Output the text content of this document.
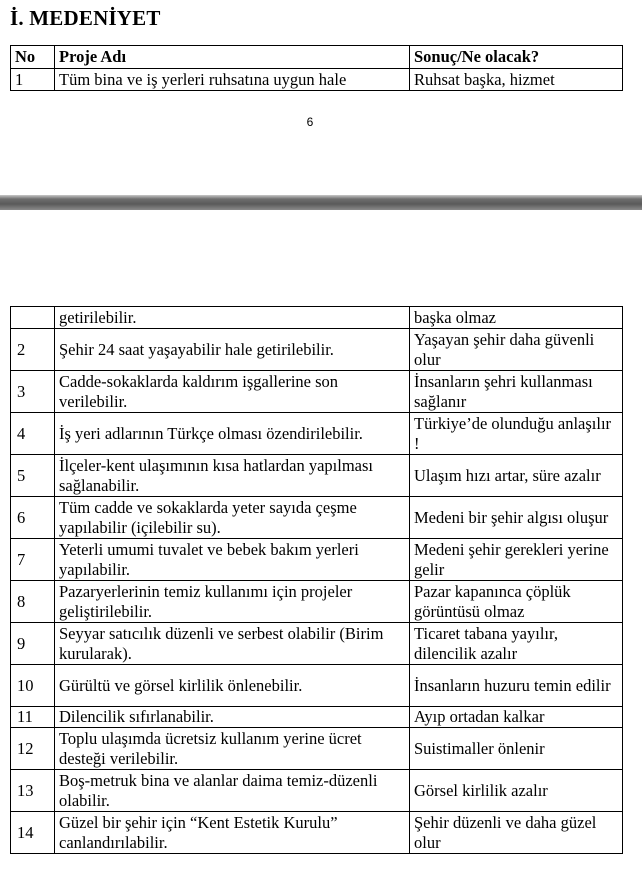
İ. MEDENİYET
No	Proje Adı	Sonuç/Ne olacak?
1	Tüm bina ve iş yerleri ruhsatına uygun hale	Ruhsat başka, hizmet
6
	getirilebilir.	başka olmaz
2	Şehir 24 saat yaşayabilir hale getirilebilir.	Yaşayan şehir daha güvenli olur
3	Cadde-sokaklarda kaldırım işgallerine son verilebilir.	İnsanların şehri kullanması sağlanır
4	İş yeri adlarının Türkçe olması özendirilebilir.	Türkiye’de olunduğu anlaşılır !
5	İlçeler-kent ulaşımının kısa hatlardan yapılması sağlanabilir.	Ulaşım hızı artar, süre azalır
6	Tüm cadde ve sokaklarda yeter sayıda çeşme yapılabilir (içilebilir su).	Medeni bir şehir algısı oluşur
7	Yeterli umumi tuvalet ve bebek bakım yerleri yapılabilir.	Medeni şehir gerekleri yerine gelir
8	Pazaryerlerinin temiz kullanımı için projeler geliştirilebilir.	Pazar kapanınca çöplük görüntüsü olmaz
9	Seyyar satıcılık düzenli ve serbest olabilir (Birim kurularak).	Ticaret tabana yayılır, dilencilik azalır
10	Gürültü ve görsel kirlilik önlenebilir.	İnsanların huzuru temin edilir
11	Dilencilik sıfırlanabilir.	Ayıp ortadan kalkar
12	Toplu ulaşımda ücretsiz kullanım yerine ücret desteği verilebilir.	Suistimaller önlenir
13	Boş-metruk bina ve alanlar daima temiz-düzenli olabilir.	Görsel kirlilik azalır
14	Güzel bir şehir için “Kent Estetik Kurulu” canlandırılabilir.	Şehir düzenli ve daha güzel olur
